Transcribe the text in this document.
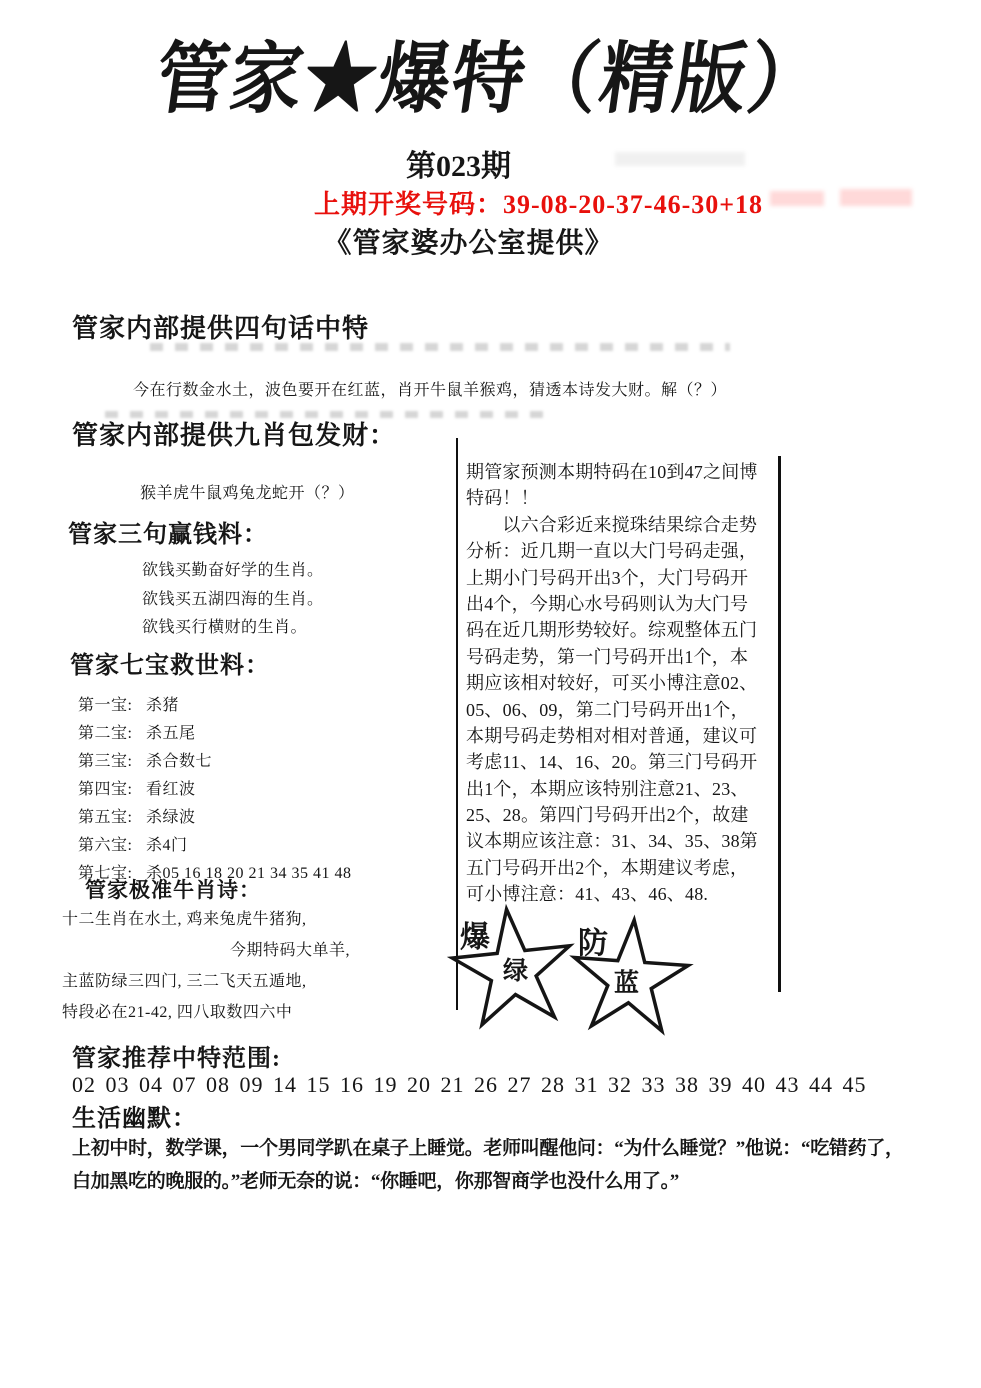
管家★爆特（精版）
第023期
上期开奖号码：39-08-20-37-46-30+18
《管家婆办公室提供》
管家内部提供四句话中特
今在行数金水土，波色要开在红蓝，肖开牛鼠羊猴鸡，猜透本诗发大财。解（？）
管家内部提供九肖包发财：
猴羊虎牛鼠鸡兔龙蛇开（？）
管家三句赢钱料：
欲钱买勤奋好学的生肖。
欲钱买五湖四海的生肖。
欲钱买行横财的生肖。
管家七宝救世料：
第一宝: 杀猪
第二宝: 杀五尾
第三宝: 杀合数七
第四宝: 看红波
第五宝: 杀绿波
第六宝: 杀4门
第七宝: 杀05 16 18 20 21 34 35 41 48
管家极准牛肖诗：
十二生肖在水土, 鸡来兔虎牛猪狗,
今期特码大单羊,
主蓝防绿三四门, 三二飞天五遁地,
特段必在21-42, 四八取数四六中
期管家预测本期特码在10到47之间博
特码！！
　　以六合彩近来搅珠结果综合走势
分析：近几期一直以大门号码走强，
上期小门号码开出3个，大门号码开
出4个，今期心水号码则认为大门号
码在近几期形势较好。综观整体五门
号码走势，第一门号码开出1个，本
期应该相对较好，可买小博注意02、
05、06、09，第二门号码开出1个，
本期号码走势相对相对普通，建议可
考虑11、14、16、20。第三门号码开
出1个，本期应该特别注意21、23、
25、28。第四门号码开出2个，故建
议本期应该注意：31、34、35、38第
五门号码开出2个，本期建议考虑，
可小博注意：41、43、46、48.
爆	防
绿	蓝
管家推荐中特范围:
02 03 04 07 08 09 14 15 16 19 20 21 26 27 28 31 32 33 38 39 40 43 44 45
生活幽默：
上初中时，数学课，一个男同学趴在桌子上睡觉。老师叫醒他问：“为什么睡觉？”他说：“吃错药了，
白加黑吃的晚服的。”老师无奈的说：“你睡吧，你那智商学也没什么用了。”
